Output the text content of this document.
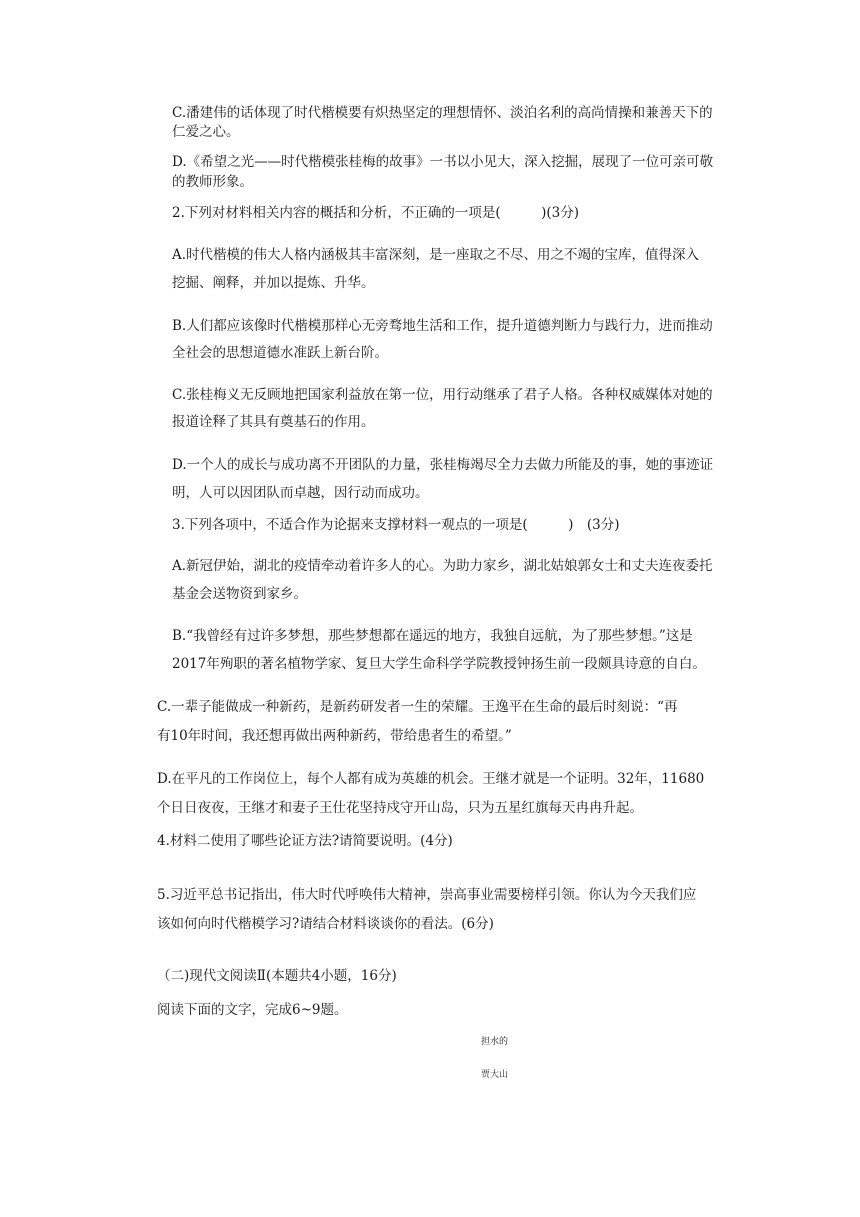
C.潘建伟的话体现了时代楷模要有炽热坚定的理想情怀、淡泊名利的高尚情操和兼善天下的
仁爱之心。
D.《希望之光——时代楷模张桂梅的故事》一书以小见大，深入挖掘，展现了一位可亲可敬
的教师形象。
2.下列对材料相关内容的概括和分析，不正确的一项是(　　　)(3分)
A.时代楷模的伟大人格内涵极其丰富深刻，是一座取之不尽、用之不竭的宝库，值得深入
挖掘、阐释，并加以提炼、升华。
B.人们都应该像时代楷模那样心无旁骛地生活和工作，提升道德判断力与践行力，进而推动
全社会的思想道德水准跃上新台阶。
C.张桂梅义无反顾地把国家利益放在第一位，用行动继承了君子人格。各种权威媒体对她的
报道诠释了其具有奠基石的作用。
D.一个人的成长与成功离不开团队的力量，张桂梅竭尽全力去做力所能及的事，她的事迹证
明，人可以因团队而卓越，因行动而成功。
3.下列各项中，不适合作为论据来支撑材料一观点的一项是(　　　)　(3分)
A.新冠伊始，湖北的疫情牵动着许多人的心。为助力家乡，湖北姑娘郭女士和丈夫连夜委托
基金会送物资到家乡。
B.“我曾经有过许多梦想，那些梦想都在遥远的地方，我独自远航，为了那些梦想。”这是
2017年殉职的著名植物学家、复旦大学生命科学学院教授钟扬生前一段颇具诗意的自白。
C.一辈子能做成一种新药，是新药研发者一生的荣耀。王逸平在生命的最后时刻说：“再
有10年时间，我还想再做出两种新药，带给患者生的希望。”
D.在平凡的工作岗位上，每个人都有成为英雄的机会。王继才就是一个证明。32年，11680
个日日夜夜，王继才和妻子王仕花坚持戍守开山岛，只为五星红旗每天冉冉升起。
4.材料二使用了哪些论证方法?请简要说明。(4分)
5.习近平总书记指出，伟大时代呼唤伟大精神，崇高事业需要榜样引领。你认为今天我们应
该如何向时代楷模学习?请结合材料谈谈你的看法。(6分)
（二)现代文阅读Ⅱ(本题共4小题，16分)
阅读下面的文字，完成6~9题。
担水的
贾大山
